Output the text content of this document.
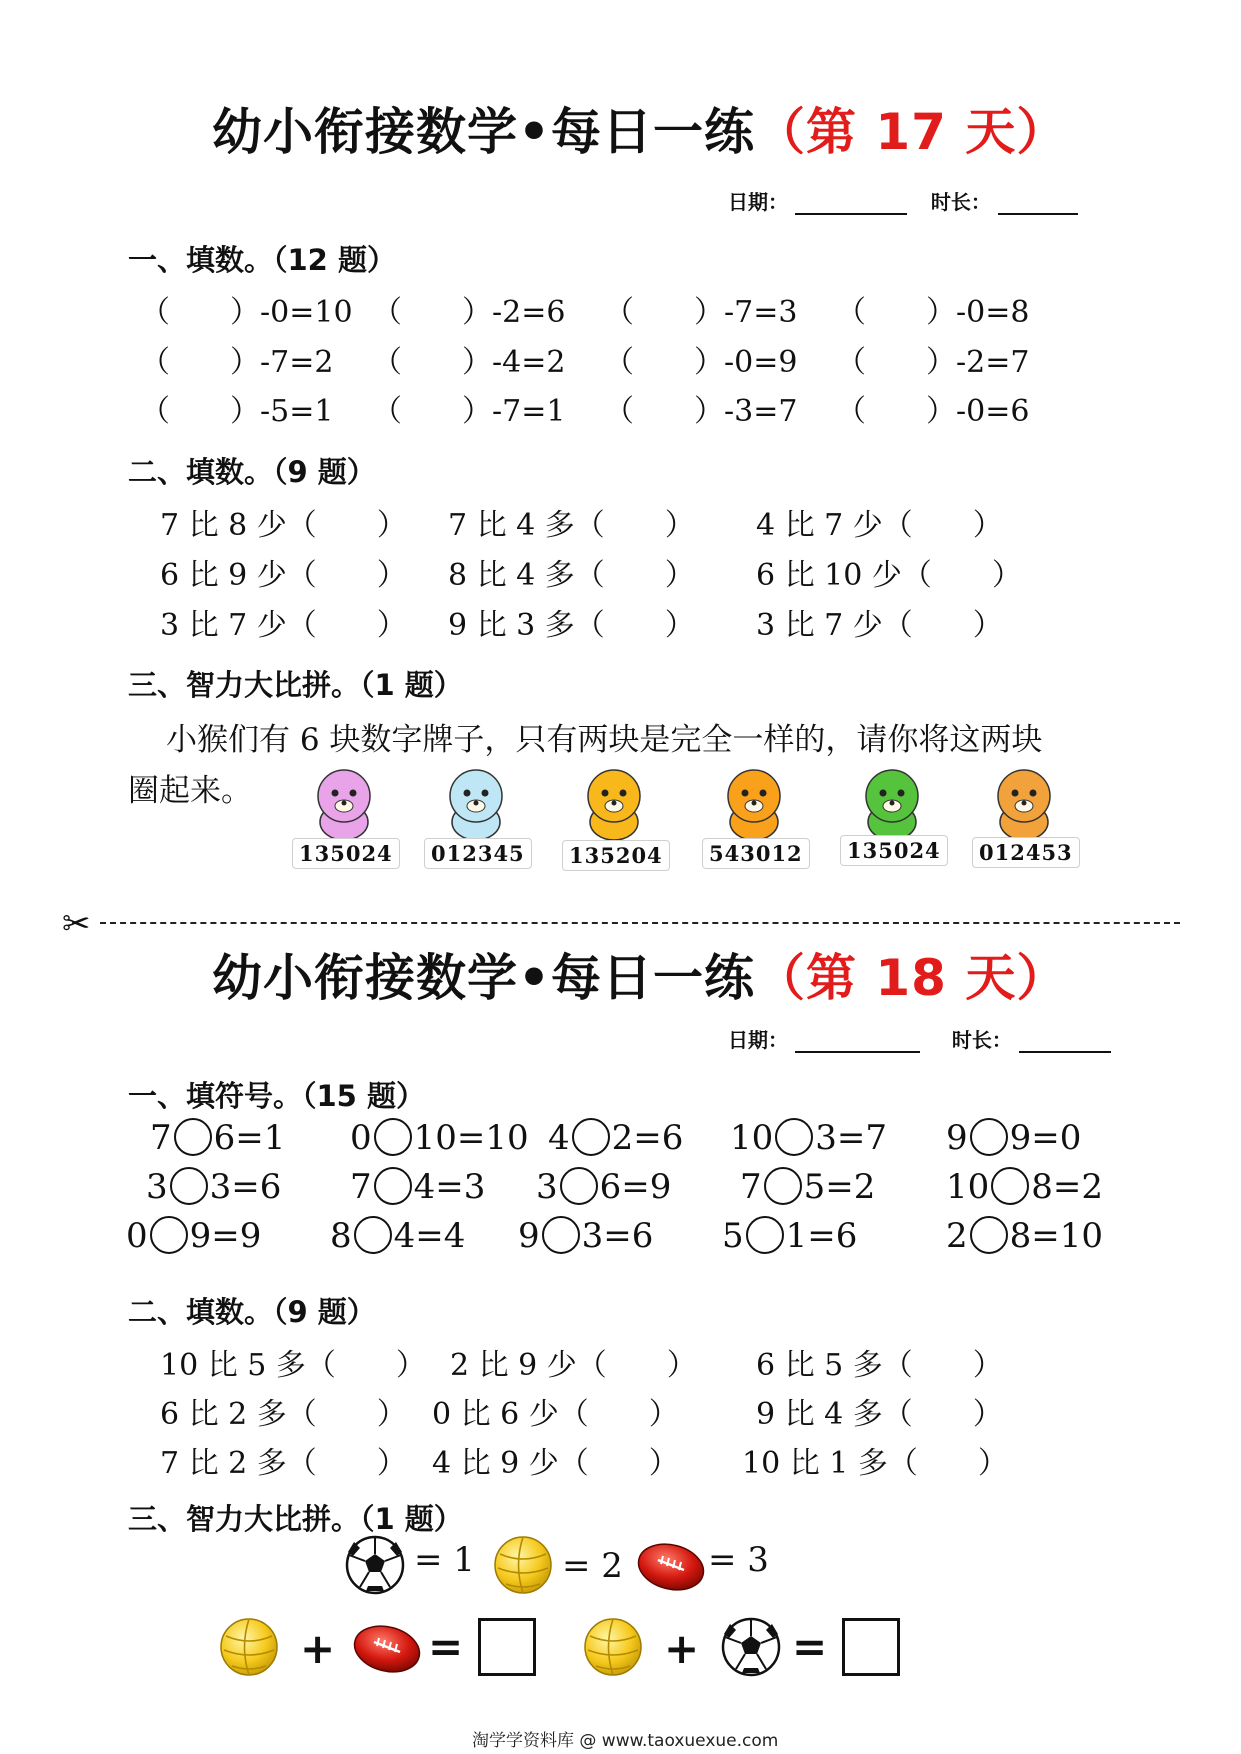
幼小衔接数学•每日一练（第 17 天）
日期：	时长：
一、填数。（12 题）
（　　）-0=10 （　　）-2=6 （　　）-7=3 （　　）-0=8
（　　）-7=2 （　　）-4=2 （　　）-0=9 （　　）-2=7
（　　）-5=1 （　　）-7=1 （　　）-3=7 （　　）-0=6
二、填数。（9 题）
7 比 8 少（　　） 7 比 4 多（　　） 4 比 7 少（　　）
6 比 9 少（　　） 8 比 4 多（　　） 6 比 10 少（　　）
3 比 7 少（　　） 9 比 3 多（　　） 3 比 7 少（　　）
三、智力大比拼。（1 题）
小猴们有 6 块数字牌子，只有两块是完全一样的，请你将这两块
圈起来。
135024	012345	135204	543012	135024	012453
✂
幼小衔接数学•每日一练（第 18 天）
日期：	时长：
一、填符号。（15 题）
7 6=1 0 10=10 4 2=6 10 3=7 9 9=0
3 3=6 7 4=3 3 6=9 7 5=2 10 8=2
0 9=9 8 4=4 9 3=6 5 1=6	2 8=10
二、填数。（9 题）
10 比 5 多（　　） 2 比 9 少（　　） 6 比 5 多（　　）
6 比 2 多（　　） 0 比 6 少（　　）	9 比 4 多（　　）
7 比 2 多（　　） 4 比 9 少（　　） 10 比 1 多（　　）
三、智力大比拼。（1 题）
= 1	= 2	= 3
+	+
=	=
淘学学资料库 @ www.taoxuexue.com
